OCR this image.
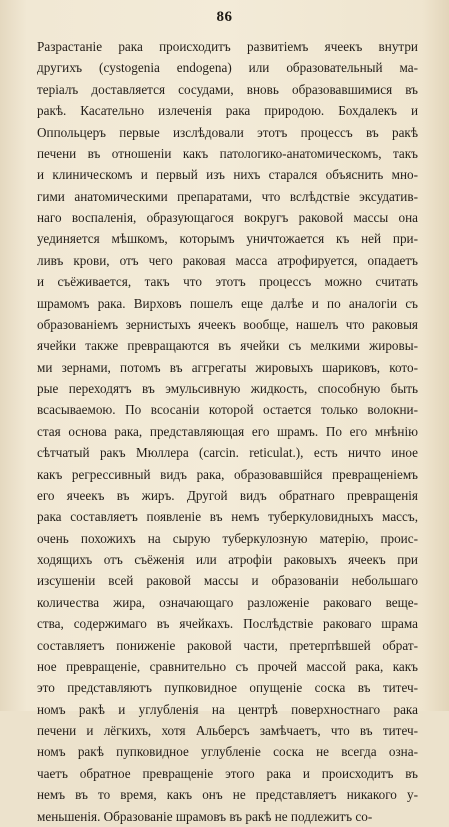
86
Разрастаніе рака происходитъ развитіемъ ячеекъ внутри
другихъ (cystogenia endogena) или образовательный ма-
теріалъ доставляется сосудами, вновь образовавшимися въ
ракѣ. Касательно излеченія рака природою. Бохдалекъ и
Оппольцеръ первые изслѣдовали этотъ процессъ въ ракѣ
печени въ отношеніи какъ патологико-анатомическомъ, такъ
и клиническомъ и первый изъ нихъ старался объяснить мно-
гими анатомическими препаратами, что вслѣдствіе эксудатив-
наго воспаленія, образующагося вокругъ раковой массы она
уединяется мѣшкомъ, которымъ уничтожается къ ней при-
ливъ крови, отъ чего раковая масса атрофируется, опадаетъ
и съёживается, такъ что этотъ процессъ можно считать
шрамомъ рака. Вирховъ пошелъ еще далѣе и по аналогіи съ
образованіемъ зернистыхъ ячеекъ вообще, нашелъ что раковыя
ячейки также превращаются въ ячейки съ мелкими жировы-
ми зернами, потомъ въ аггрегаты жировыхъ шариковъ, кото-
рые переходятъ въ эмульсивную жидкость, способную быть
всасываемою. По всосаніи которой остается только волокни-
стая основа рака, представляющая его шрамъ. По его мнѣнію
сѣтчатый ракъ Мюллера (carcin. reticulat.), есть ничто иное
какъ регрессивный видъ рака, образовавшійся превращеніемъ
его ячеекъ въ жиръ. Другой видъ обратнаго превращенія
рака составляетъ появленіе въ немъ туберкуловидныхъ массъ,
очень похожихъ на сырую туберкулозную матерію, проис-
ходящихъ отъ съёженія или атрофіи раковыхъ ячеекъ при
изсушеніи всей раковой массы и образованіи небольшаго
количества жира, означающаго разложеніе раковаго веще-
ства, содержимаго въ ячейкахъ. Послѣдствіе раковаго шрама
составляетъ пониженіе раковой части, претерпѣвшей обрат-
ное превращеніе, сравнительно съ прочей массой рака, какъ
это представляютъ пупковидное опущеніе соска въ титеч-
номъ ракѣ и углубленія на центрѣ поверхностнаго рака
печени и лёгкихъ, хотя Альберсъ замѣчаетъ, что въ титеч-
номъ ракѣ пупковидное углубленіе соска не всегда озна-
чаетъ обратное превращеніе этого рака и происходитъ въ
немъ въ то время, какъ онъ не представляетъ никакого у-
меньшенія. Образованіе шрамовъ въ ракѣ не подлежитъ со-
